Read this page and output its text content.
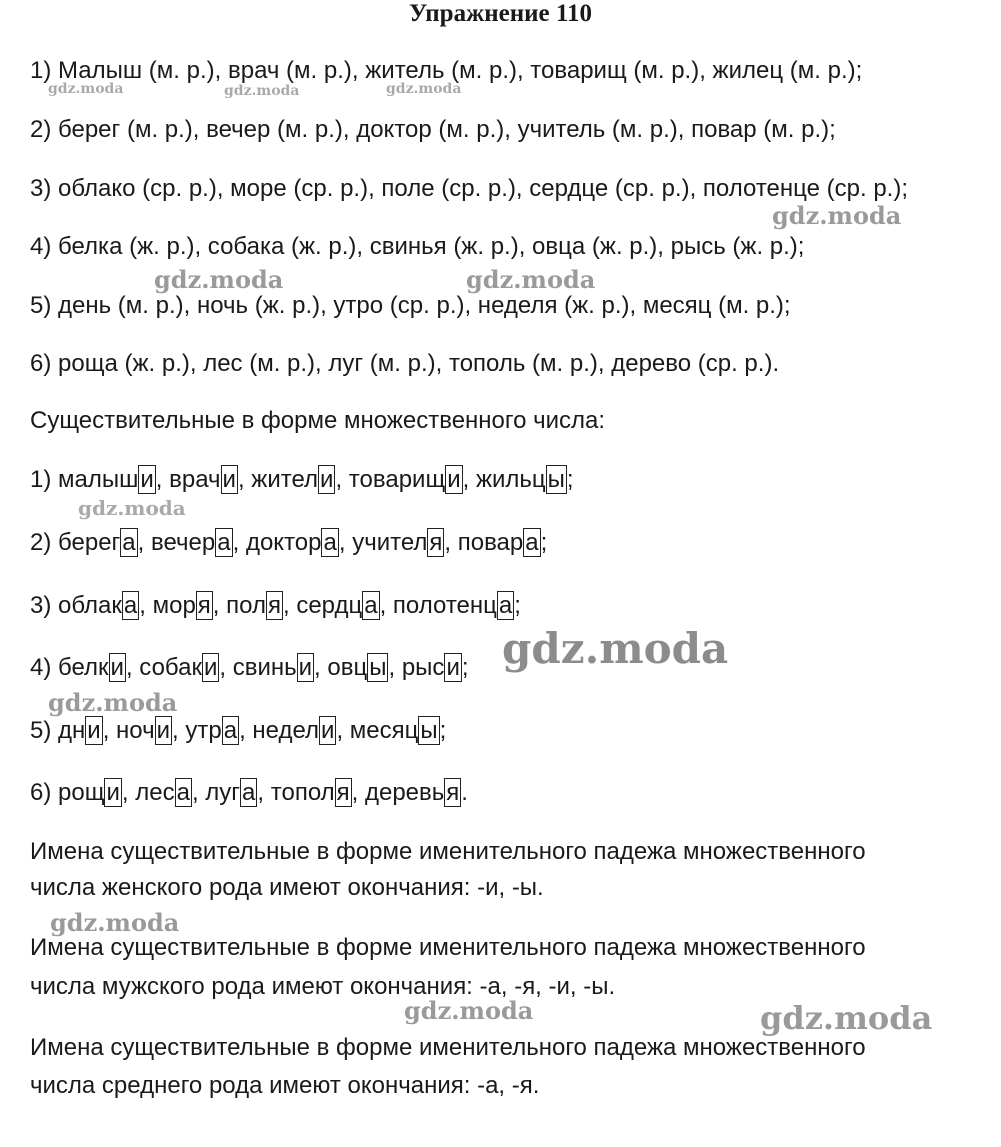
Упражнение 110
1) Малыш (м. р.), врач (м. р.), житель (м. р.), товарищ (м. р.), жилец (м. р.);
2) берег (м. р.), вечер (м. р.), доктор (м. р.), учитель (м. р.), повар (м. р.);
3) облако (ср. р.), море (ср. р.), поле (ср. р.), сердце (ср. р.), полотенце (ср. р.);
4) белка (ж. р.), собака (ж. р.), свинья (ж. р.), овца (ж. р.), рысь (ж. р.);
5) день (м. р.), ночь (ж. р.), утро (ср. р.), неделя (ж. р.), месяц (м. р.);
6) роща (ж. р.), лес (м. р.), луг (м. р.), тополь (м. р.), дерево (ср. р.).
Существительные в форме множественного числа:
1) малыши, врачи, жители, товарищи, жильцы;
2) берега, вечера, доктора, учителя, повара;
3) облака, моря, поля, сердца, полотенца;
4) белки, собаки, свиньи, овцы, рыси;
5) дни, ночи, утра, недели, месяцы;
6) рощи, леса, луга, тополя, деревья.
Имена существительные в форме именительного падежа множественного
числа женского рода имеют окончания: -и, -ы.
Имена существительные в форме именительного падежа множественного
числа мужского рода имеют окончания: -а, -я, -и, -ы.
Имена существительные в форме именительного падежа множественного
числа среднего рода имеют окончания: -а, -я.
gdz.moda	gdz.moda	gdz.moda
gdz.moda
gdz.moda	gdz.moda
gdz.moda
gdz.moda
gdz.moda
gdz.moda
gdz.moda	gdz.moda
